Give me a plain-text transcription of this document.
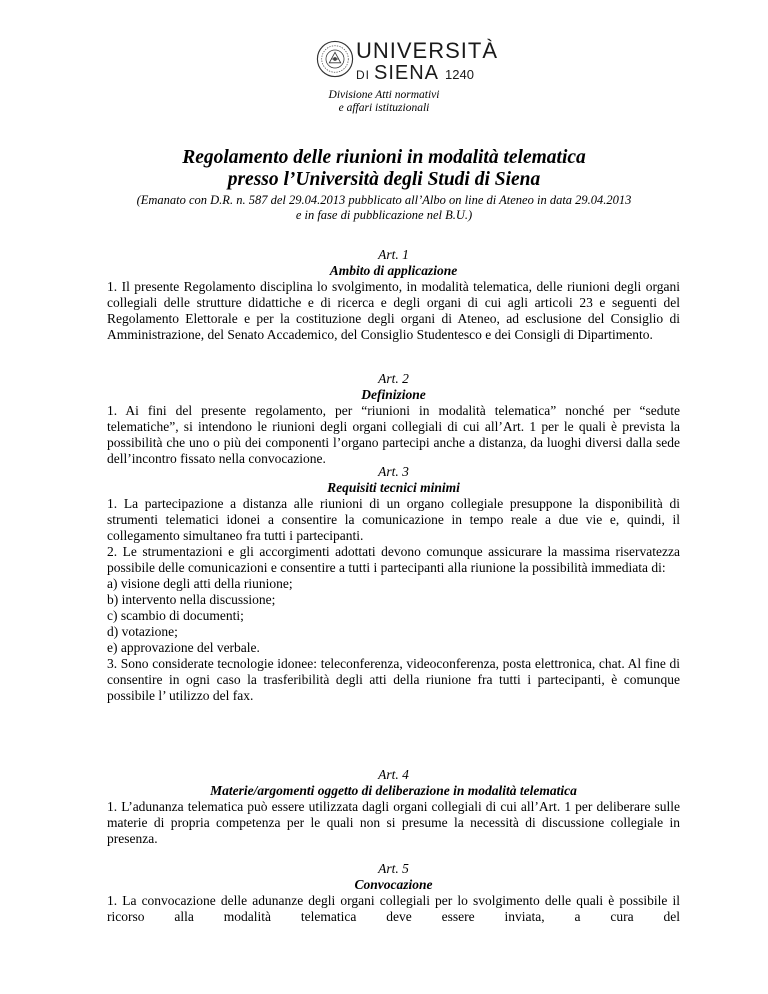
UNIVERSITÀ
DI SIENA 1240
Divisione Atti normativi
e affari istituzionali
Regolamento delle riunioni in modalità telematica
presso l’Università degli Studi di Siena
(Emanato con D.R. n. 587 del 29.04.2013 pubblicato all’Albo on line di Ateneo in data 29.04.2013
e in fase di pubblicazione nel B.U.)
Art. 1
Ambito di applicazione

1. Il presente Regolamento disciplina lo svolgimento, in modalità telematica, delle riunioni degli organi collegiali delle strutture didattiche e di ricerca e degli organi di cui agli articoli 23 e seguenti del Regolamento Elettorale e per la costituzione degli organi di Ateneo, ad esclusione del Consiglio di Amministrazione, del Senato Accademico, del Consiglio Studentesco e dei Consigli di Dipartimento.

Art. 2
Definizione

1. Ai fini del presente regolamento, per “riunioni in modalità telematica” nonché per “sedute telematiche”, si intendono le riunioni degli organi collegiali di cui all’Art. 1 per le quali è prevista la possibilità che uno o più dei componenti l’organo partecipi anche a distanza, da luoghi diversi dalla sede dell’incontro fissato nella convocazione.

Art. 3
Requisiti tecnici minimi

1. La partecipazione a distanza alle riunioni di un organo collegiale presuppone la disponibilità di strumenti telematici idonei a consentire la comunicazione in tempo reale a due vie e, quindi, il collegamento simultaneo fra tutti i partecipanti.

2. Le strumentazioni e gli accorgimenti adottati devono comunque assicurare la massima riservatezza possibile delle comunicazioni e consentire a tutti i partecipanti alla riunione la possibilità immediata di:

a) visione degli atti della riunione;

b) intervento nella discussione;

c) scambio di documenti;

d) votazione;

e) approvazione del verbale.

3. Sono considerate tecnologie idonee: teleconferenza, videoconferenza, posta elettronica, chat. Al fine di consentire in ogni caso la trasferibilità degli atti della riunione fra tutti i partecipanti, è comunque possibile l’ utilizzo del fax.

Art. 4
Materie/argomenti oggetto di deliberazione in modalità telematica

1. L’adunanza telematica può essere utilizzata dagli organi collegiali di cui all’Art. 1 per deliberare sulle materie di propria competenza per le quali non si presume la necessità di discussione collegiale in presenza.

Art. 5
Convocazione

1. La convocazione delle adunanze degli organi collegiali per lo svolgimento delle quali è possibile il ricorso alla modalità telematica deve essere inviata, a cura del
